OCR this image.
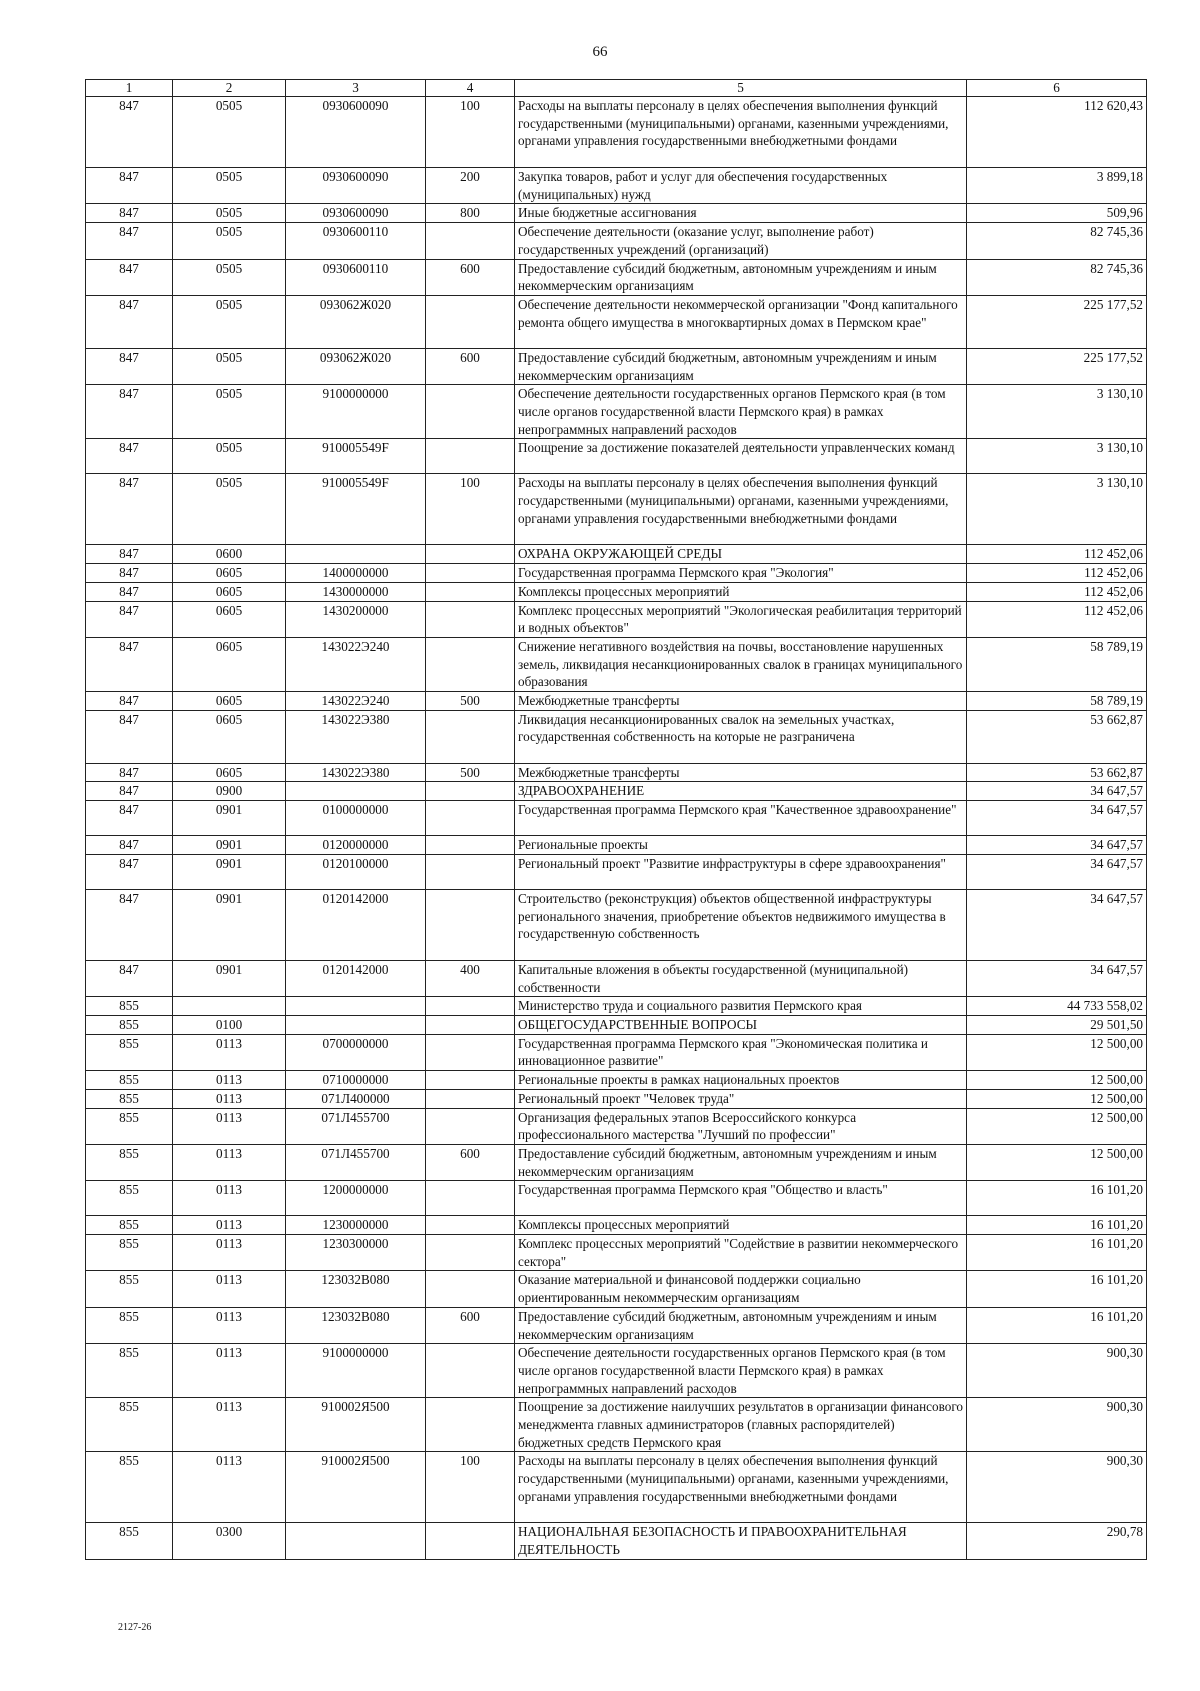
66
1	2	3	4	5	6
847	0505	0930600090	100	Расходы на выплаты персоналу в целях обеспечения выполнения функций государственными (муниципальными) органами, казенными учреждениями, органами управления государственными внебюджетными фондами	112 620,43
847	0505	0930600090	200	Закупка товаров, работ и услуг для обеспечения государственных (муниципальных) нужд	3 899,18
847	0505	0930600090	800	Иные бюджетные ассигнования	509,96
847	0505	0930600110		Обеспечение деятельности (оказание услуг, выполнение работ) государственных учреждений (организаций)	82 745,36
847	0505	0930600110	600	Предоставление субсидий бюджетным, автономным учреждениям и иным некоммерческим организациям	82 745,36
847	0505	093062Ж020		Обеспечение деятельности некоммерческой организации "Фонд капитального ремонта общего имущества в многоквартирных домах в Пермском крае"	225 177,52
847	0505	093062Ж020	600	Предоставление субсидий бюджетным, автономным учреждениям и иным некоммерческим организациям	225 177,52
847	0505	9100000000		Обеспечение деятельности государственных органов Пермского края (в том числе органов государственной власти Пермского края) в рамках непрограммных направлений расходов	3 130,10
847	0505	910005549F		Поощрение за достижение показателей деятельности управленческих команд	3 130,10
847	0505	910005549F	100	Расходы на выплаты персоналу в целях обеспечения выполнения функций государственными (муниципальными) органами, казенными учреждениями, органами управления государственными внебюджетными фондами	3 130,10
847	0600			ОХРАНА ОКРУЖАЮЩЕЙ СРЕДЫ	112 452,06
847	0605	1400000000		Государственная программа Пермского края "Экология"	112 452,06
847	0605	1430000000		Комплексы процессных мероприятий	112 452,06
847	0605	1430200000		Комплекс процессных мероприятий "Экологическая реабилитация территорий и водных объектов"	112 452,06
847	0605	143022Э240		Снижение негативного воздействия на почвы, восстановление нарушенных земель, ликвидация несанкционированных свалок в границах муниципального образования	58 789,19
847	0605	143022Э240	500	Межбюджетные трансферты	58 789,19
847	0605	143022Э380		Ликвидация несанкционированных свалок на земельных участках, государственная собственность на которые не разграничена	53 662,87
847	0605	143022Э380	500	Межбюджетные трансферты	53 662,87
847	0900			ЗДРАВООХРАНЕНИЕ	34 647,57
847	0901	0100000000		Государственная программа Пермского края "Качественное здравоохранение"	34 647,57
847	0901	0120000000		Региональные проекты	34 647,57
847	0901	0120100000		Региональный проект "Развитие инфраструктуры в сфере здравоохранения"	34 647,57
847	0901	0120142000		Строительство (реконструкция) объектов общественной инфраструктуры регионального значения, приобретение объектов недвижимого имущества в государственную собственность	34 647,57
847	0901	0120142000	400	Капитальные вложения в объекты государственной (муниципальной) собственности	34 647,57
855				Министерство труда и социального развития Пермского края	44 733 558,02
855	0100			ОБЩЕГОСУДАРСТВЕННЫЕ ВОПРОСЫ	29 501,50
855	0113	0700000000		Государственная программа Пермского края "Экономическая политика и инновационное развитие"	12 500,00
855	0113	0710000000		Региональные проекты в рамках национальных проектов	12 500,00
855	0113	071Л400000		Региональный проект "Человек труда"	12 500,00
855	0113	071Л455700		Организация федеральных этапов Всероссийского конкурса профессионального мастерства "Лучший по профессии"	12 500,00
855	0113	071Л455700	600	Предоставление субсидий бюджетным, автономным учреждениям и иным некоммерческим организациям	12 500,00
855	0113	1200000000		Государственная программа Пермского края "Общество и власть"	16 101,20
855	0113	1230000000		Комплексы процессных мероприятий	16 101,20
855	0113	1230300000		Комплекс процессных мероприятий "Содействие в развитии некоммерческого сектора"	16 101,20
855	0113	123032В080		Оказание материальной и финансовой поддержки социально ориентированным некоммерческим организациям	16 101,20
855	0113	123032В080	600	Предоставление субсидий бюджетным, автономным учреждениям и иным некоммерческим организациям	16 101,20
855	0113	9100000000		Обеспечение деятельности государственных органов Пермского края (в том числе органов государственной власти Пермского края) в рамках непрограммных направлений расходов	900,30
855	0113	910002Я500		Поощрение за достижение наилучших результатов в организации финансового менеджмента главных администраторов (главных распорядителей) бюджетных средств Пермского края	900,30
855	0113	910002Я500	100	Расходы на выплаты персоналу в целях обеспечения выполнения функций государственными (муниципальными) органами, казенными учреждениями, органами управления государственными внебюджетными фондами	900,30
855	0300			НАЦИОНАЛЬНАЯ БЕЗОПАСНОСТЬ И ПРАВООХРАНИТЕЛЬНАЯ ДЕЯТЕЛЬНОСТЬ	290,78
2127-26
